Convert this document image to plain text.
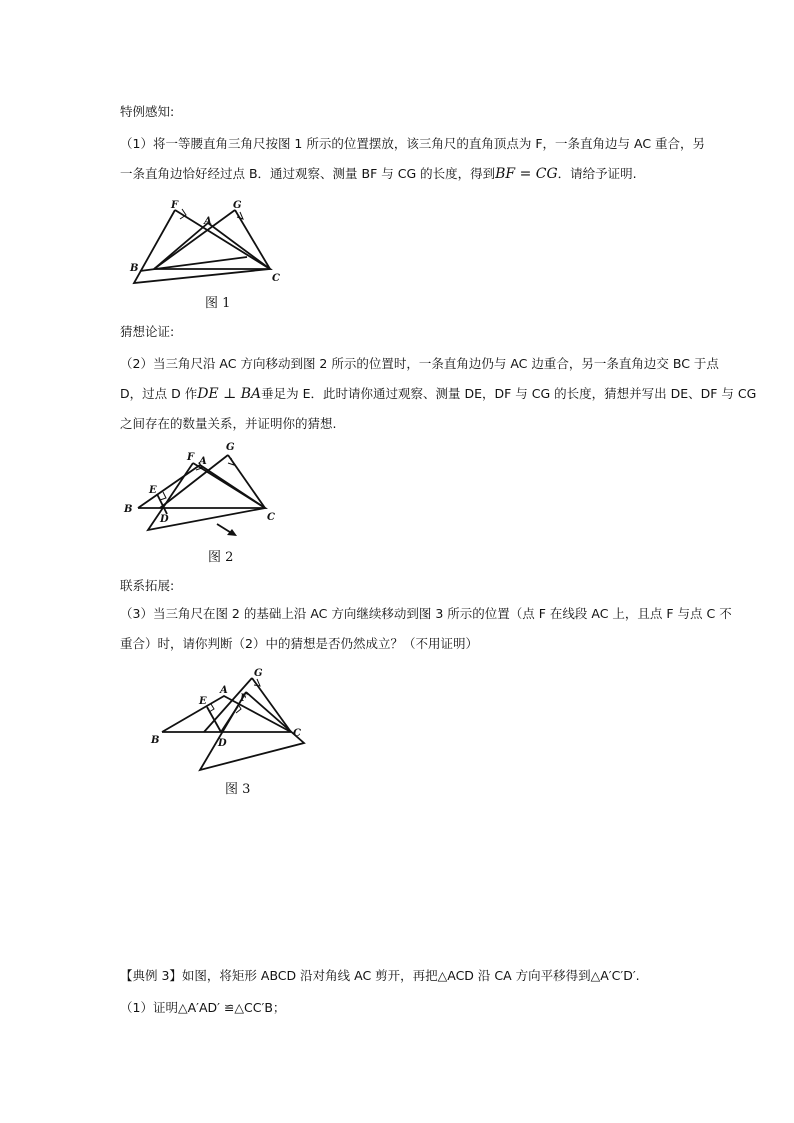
特例感知:
（1）将一等腰直角三角尺按图 1 所示的位置摆放，该三角尺的直角顶点为 F，一条直角边与 AC 重合，另
一条直角边恰好经过点 B．通过观察、测量 BF 与 CG 的长度，得到BF = CG．请给予证明.
F
A
G
B
C
图 1
猜想论证:
（2）当三角尺沿 AC 方向移动到图 2 所示的位置时，一条直角边仍与 AC 边重合，另一条直角边交 BC 于点
D，过点 D 作DE ⊥ BA垂足为 E．此时请你通过观察、测量 DE，DF 与 CG 的长度，猜想并写出 DE、DF 与 CG
之间存在的数量关系，并证明你的猜想.
F A
G
E
B
D	C
图 2
联系拓展:
（3）当三角尺在图 2 的基础上沿 AC 方向继续移动到图 3 所示的位置（点 F 在线段 AC 上，且点 F 与点 C 不
重合）时，请你判断（2）中的猜想是否仍然成立？（不用证明）
A
G
E	F
B	D
C
图 3
【典例 3】如图，将矩形 ABCD 沿对角线 AC 剪开，再把△ACD 沿 CA 方向平移得到△A′C′D′.
（1）证明△A′AD′ ≌△CC′B；
